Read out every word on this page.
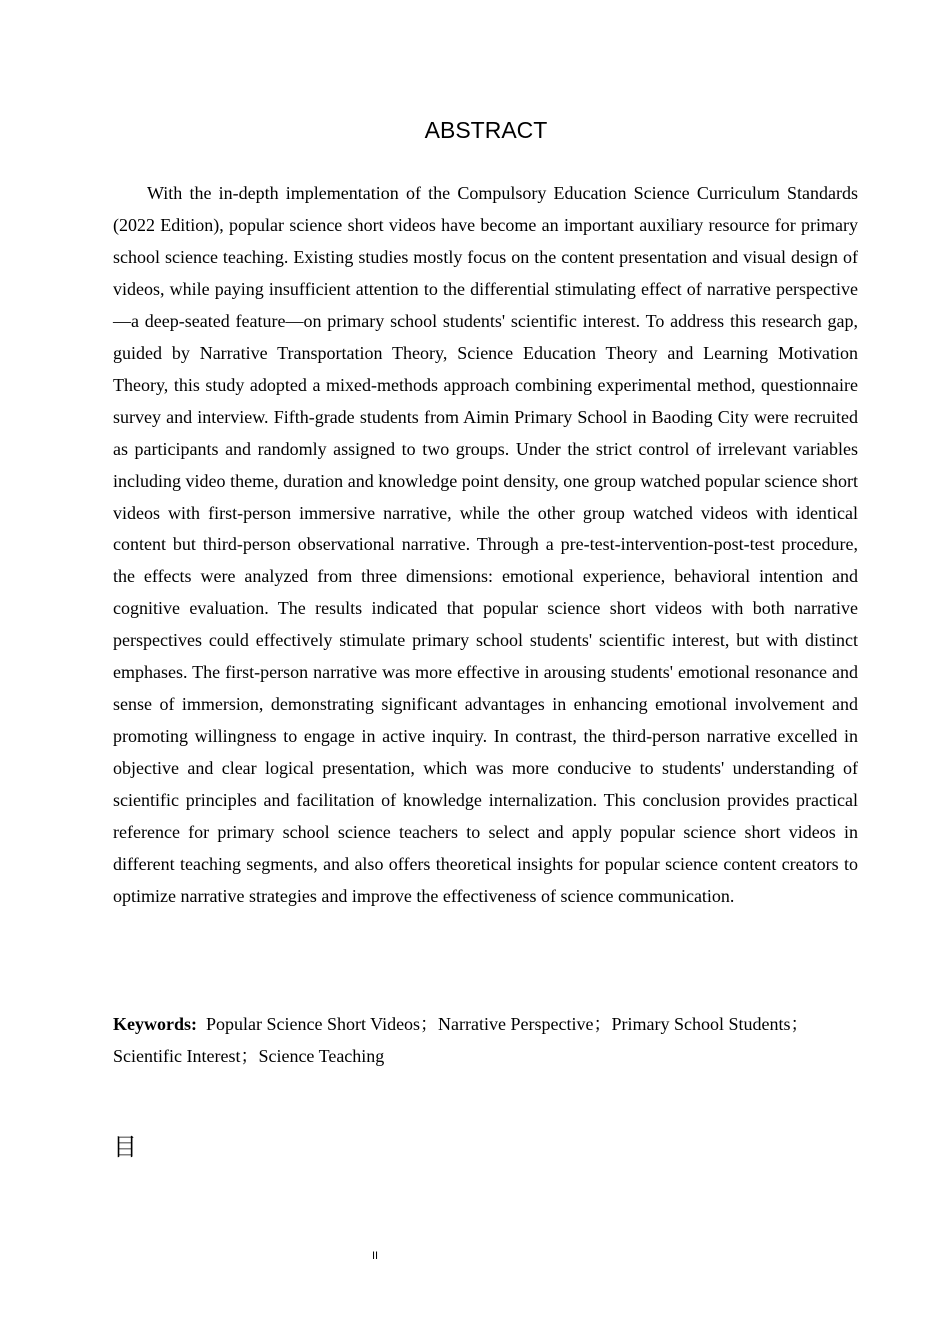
ABSTRACT

With the in-depth implementation of the Compulsory Education Science Curriculum Standards (2022 Edition), popular science short videos have become an important auxiliary resource for primary school science teaching. Existing studies mostly focus on the content presentation and visual design of videos, while paying insufficient attention to the differential stimulating effect of narrative perspective—a deep-seated feature—on primary school students' scientific interest. To address this research gap, guided by Narrative Transportation Theory, Science Education Theory and Learning Motivation Theory, this study adopted a mixed-methods approach combining experimental method, questionnaire survey and interview. Fifth-grade students from Aimin Primary School in Baoding City were recruited as participants and randomly assigned to two groups. Under the strict control of irrelevant variables including video theme, duration and knowledge point density, one group watched popular science short videos with first-person immersive narrative, while the other group watched videos with identical content but third-person observational narrative. Through a pre-test-intervention-post-test procedure, the effects were analyzed from three dimensions: emotional experience, behavioral intention and cognitive evaluation. The results indicated that popular science short videos with both narrative perspectives could effectively stimulate primary school students' scientific interest, but with distinct emphases. The first-person narrative was more effective in arousing students' emotional resonance and sense of immersion, demonstrating significant advantages in enhancing emotional involvement and promoting willingness to engage in active inquiry. In contrast, the third-person narrative excelled in objective and clear logical presentation, which was more conducive to students' understanding of scientific principles and facilitation of knowledge internalization. This conclusion provides practical reference for primary school science teachers to select and apply popular science short videos in different teaching segments, and also offers theoretical insights for popular science content creators to optimize narrative strategies and improve the effectiveness of science communication.

Keywords: Popular Science Short Videos；Narrative Perspective；Primary School Students；Scientific Interest；Science Teaching

目
II
